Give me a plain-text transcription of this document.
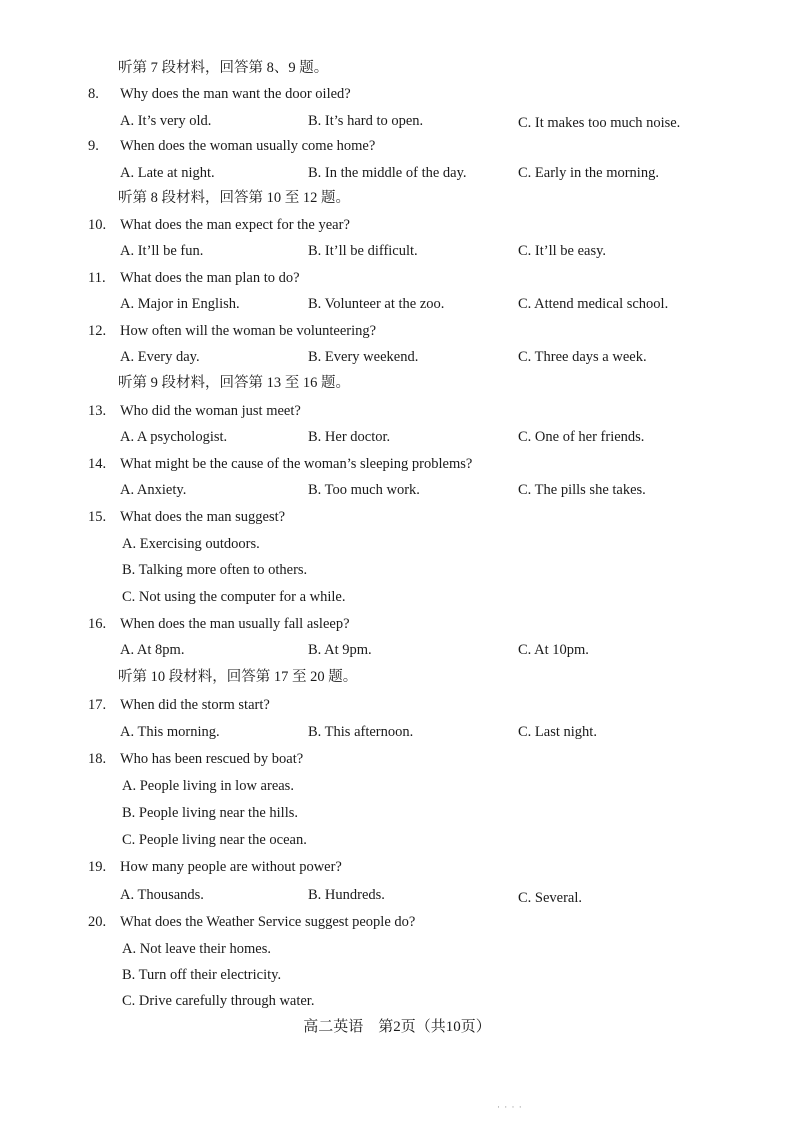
听第 7 段材料，回答第 8、9 题。
8. Why does the man want the door oiled?
A. It’s very old.	B. It’s hard to open.	C. It makes too much noise.
9. When does the woman usually come home?
A. Late at night.	B. In the middle of the day.	C. Early in the morning.
听第 8 段材料，回答第 10 至 12 题。
10. What does the man expect for the year?
A. It’ll be fun.	B. It’ll be difficult.	C. It’ll be easy.
11. What does the man plan to do?
A. Major in English.	B. Volunteer at the zoo.	C. Attend medical school.
12. How often will the woman be volunteering?
A. Every day.	B. Every weekend.	C. Three days a week.
听第 9 段材料，回答第 13 至 16 题。
13. Who did the woman just meet?
A. A psychologist.	B. Her doctor.	C. One of her friends.
14. What might be the cause of the woman’s sleeping problems?
A. Anxiety.	B. Too much work.	C. The pills she takes.
15. What does the man suggest?
A. Exercising outdoors.
B. Talking more often to others.
C. Not using the computer for a while.
16. When does the man usually fall asleep?
A. At 8pm.	B. At 9pm.	C. At 10pm.
听第 10 段材料，回答第 17 至 20 题。
17. When did the storm start?
A. This morning.	B. This afternoon.	C. Last night.
18. Who has been rescued by boat?
A. People living in low areas.
B. People living near the hills.
C. People living near the ocean.
19. How many people are without power?
A. Thousands.	B. Hundreds.	C. Several.
20. What does the Weather Service suggest people do?
A. Not leave their homes.
B. Turn off their electricity.
C. Drive carefully through water.
高二英语　第2页（共10页）
· · · ·
